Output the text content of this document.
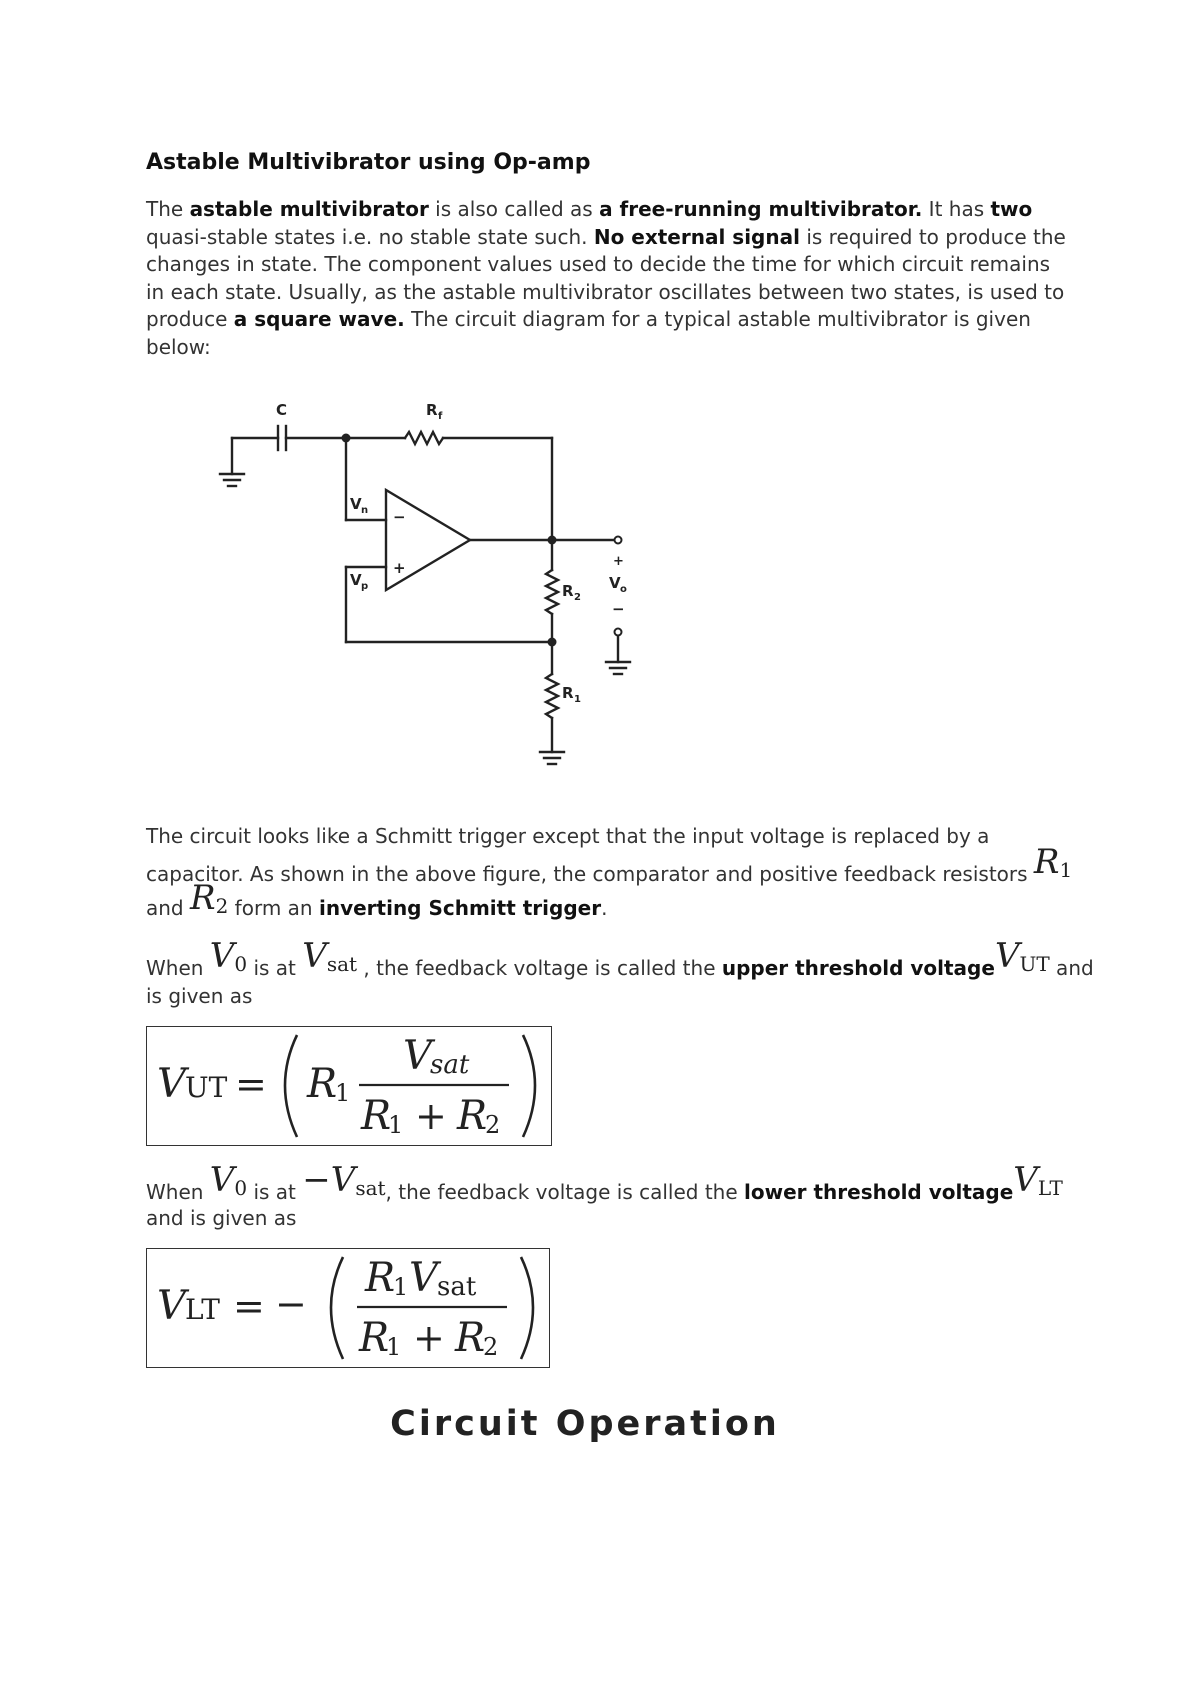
Astable Multivibrator using Op-amp
The astable multivibrator is also called as a free-running multivibrator. It has two quasi-stable states i.e. no stable state such. No external signal is required to produce the changes in state. The component values used to decide the time for which circuit remains in each state. Usually, as the astable multivibrator oscillates between two states, is used to produce a square wave. The circuit diagram for a typical astable multivibrator is given below:
C	R f
V n
V p
−
+
R 2
R 1
+
V o
−
The circuit looks like a Schmitt trigger except that the input voltage is replaced by a
capacitor. As shown in the above figure, the comparator and positive feedback resistors R1
and R2 form an inverting Schmitt trigger.
When V0 is at Vsat , the feedback voltage is called the upper threshold voltageVUT and
is given as
V UT = R
1
V
sat
R
1 + R
2
When V0 is at −Vsat, the feedback voltage is called the lower threshold voltageVLT
and is given as
V LT = −
R
1 V sat
R
1 + R
2
Circuit Operation
